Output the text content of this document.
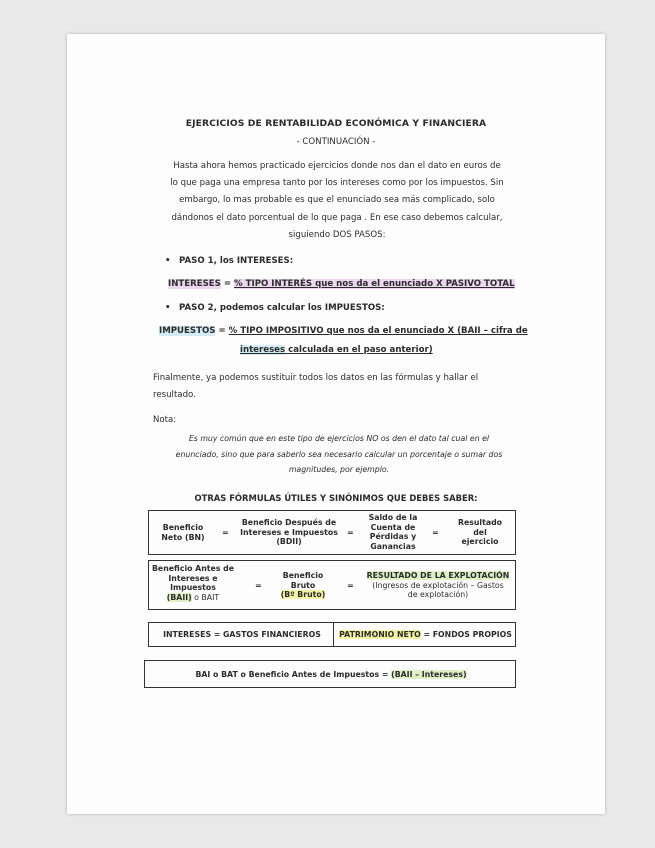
EJERCICIOS DE RENTABILIDAD ECONÓMICA Y FINANCIERA
- CONTINUACIÓN -
Hasta ahora hemos practicado ejercicios donde nos dan el dato en euros de
lo que paga una empresa tanto por los intereses como por los impuestos. Sin
embargo, lo mas probable es que el enunciado sea más complicado, solo
dándonos el dato porcentual de lo que paga . En ese caso debemos calcular,
siguiendo DOS PASOS:
• PASO 1, los INTERESES:
INTERESES = % TIPO INTERÉS que nos da el enunciado X PASIVO TOTAL
• PASO 2, podemos calcular los IMPUESTOS:
IMPUESTOS = % TIPO IMPOSITIVO que nos da el enunciado X (BAII – cifra de
intereses calculada en el paso anterior)
Finalmente, ya podemos sustituir todos los datos en las fórmulas y hallar el
resultado.
Nota:
Es muy común que en este tipo de ejercicios NO os den el dato tal cual en el
enunciado, sino que para saberlo sea necesario calcular un porcentaje o sumar dos
magnitudes, por ejemplo.
OTRAS FÓRMULAS ÚTILES Y SINÓNIMOS QUE DEBES SABER:
Beneficio
Neto (BN)
=
Beneficio Después de
Intereses e Impuestos
(BDII)
=
Saldo de la
Cuenta de
Pérdidas y
Ganancias
=
Resultado
del
ejercicio
Beneficio Antes de
Intereses e
Impuestos
(BAII) o BAIT
=
Beneficio
Bruto
(Bº Bruto)
=
RESULTADO DE LA EXPLOTACIÓN
(Ingresos de explotación – Gastos
de explotación)
INTERESES = GASTOS FINANCIEROS	PATRIMONIO NETO = FONDOS PROPIOS
BAI o BAT o Beneficio Antes de Impuestos = (BAII – Intereses)
